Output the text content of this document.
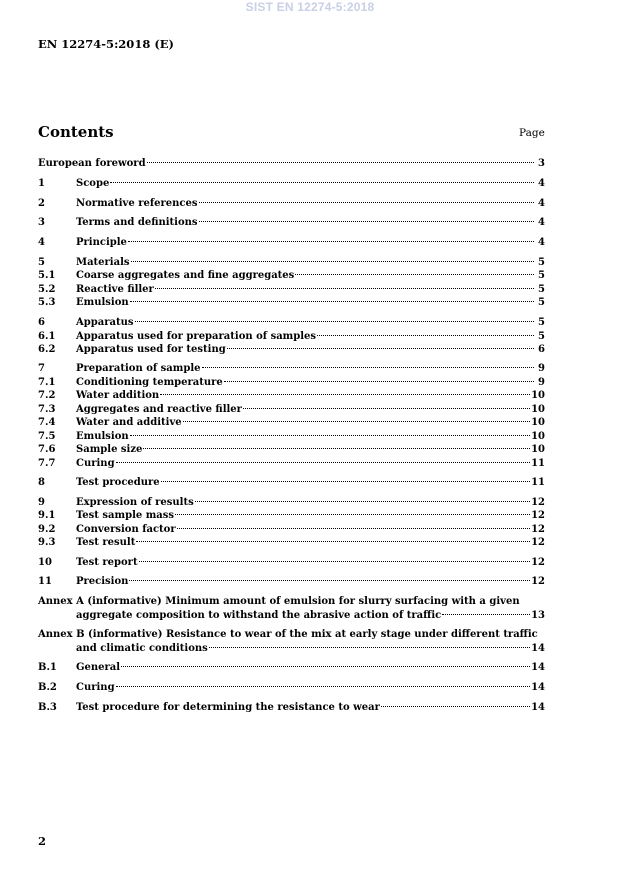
SIST EN 12274-5:2018
EN 12274-5:2018 (E)
Contents	Page
European foreword	3
1	Scope	4
2	Normative references	4
3	Terms and definitions	4
4	Principle	4
5	Materials	5
5.1	Coarse aggregates and fine aggregates	5
5.2	Reactive filler	5
5.3	Emulsion	5
6	Apparatus	5
6.1	Apparatus used for preparation of samples	5
6.2	Apparatus used for testing	6
7	Preparation of sample	9
7.1	Conditioning temperature	9
7.2	Water addition	10
7.3	Aggregates and reactive filler	10
7.4	Water and additive	10
7.5	Emulsion	10
7.6	Sample size	10
7.7	Curing	11
8	Test procedure	11
9	Expression of results	12
9.1	Test sample mass	12
9.2	Conversion factor	12
9.3	Test result	12
10	Test report	12
11	Precision	12
Annex A (informative) Minimum amount of emulsion for slurry surfacing with a given
aggregate composition to withstand the abrasive action of traffic	13
Annex B (informative) Resistance to wear of the mix at early stage under different traffic
and climatic conditions	14
B.1	General	14
B.2	Curing	14
B.3	Test procedure for determining the resistance to wear	14
2
